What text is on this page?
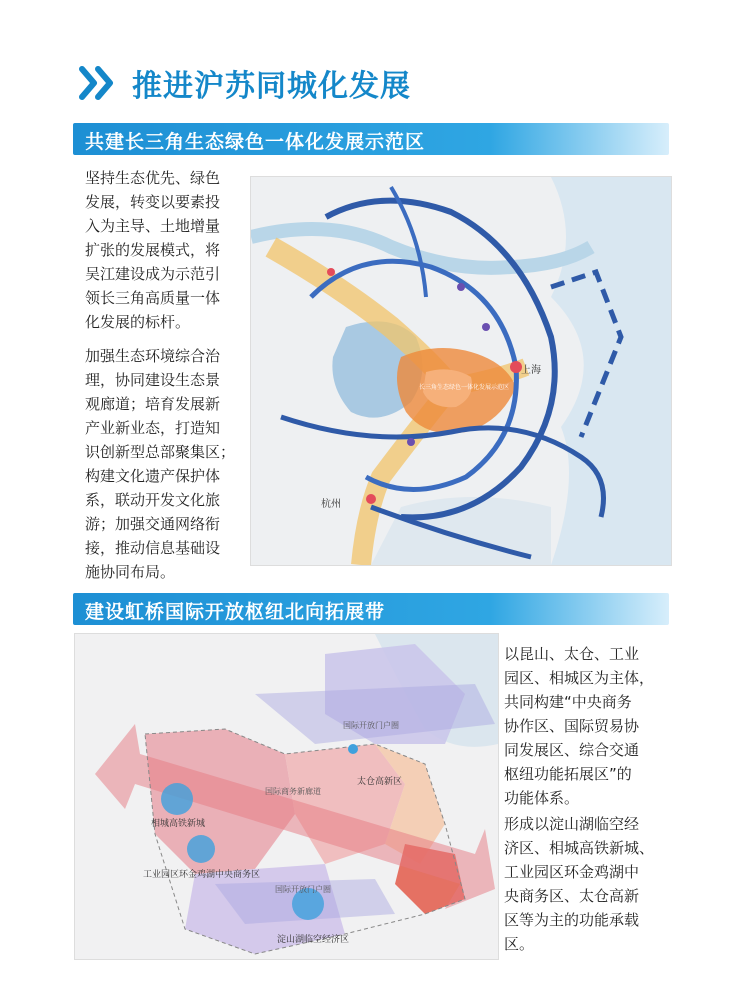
推进沪苏同城化发展
共建长三角生态绿色一体化发展示范区
坚持生态优先、绿色
发展，转变以要素投
入为主导、土地增量
扩张的发展模式，将
吴江建设成为示范引
领长三角高质量一体
化发展的标杆。
加强生态环境综合治
理，协同建设生态景
观廊道；培育发展新
产业新业态，打造知
识创新型总部聚集区；
构建文化遗产保护体
系，联动开发文化旅
游；加强交通网络衔
接，推动信息基础设
施协同布局。
上海
杭州
长三角生态绿色一体化发展示范区
建设虹桥国际开放枢纽北向拓展带
国际开放门户圈
太仓高新区
相城高铁新城
国际商务新廊道
工业园区环金鸡湖中央商务区
国际开放门户圈
淀山湖临空经济区
以昆山、太仓、工业
园区、相城区为主体，
共同构建“中央商务
协作区、国际贸易协
同发展区、综合交通
枢纽功能拓展区”的
功能体系。
形成以淀山湖临空经
济区、相城高铁新城、
工业园区环金鸡湖中
央商务区、太仓高新
区等为主的功能承载
区。
